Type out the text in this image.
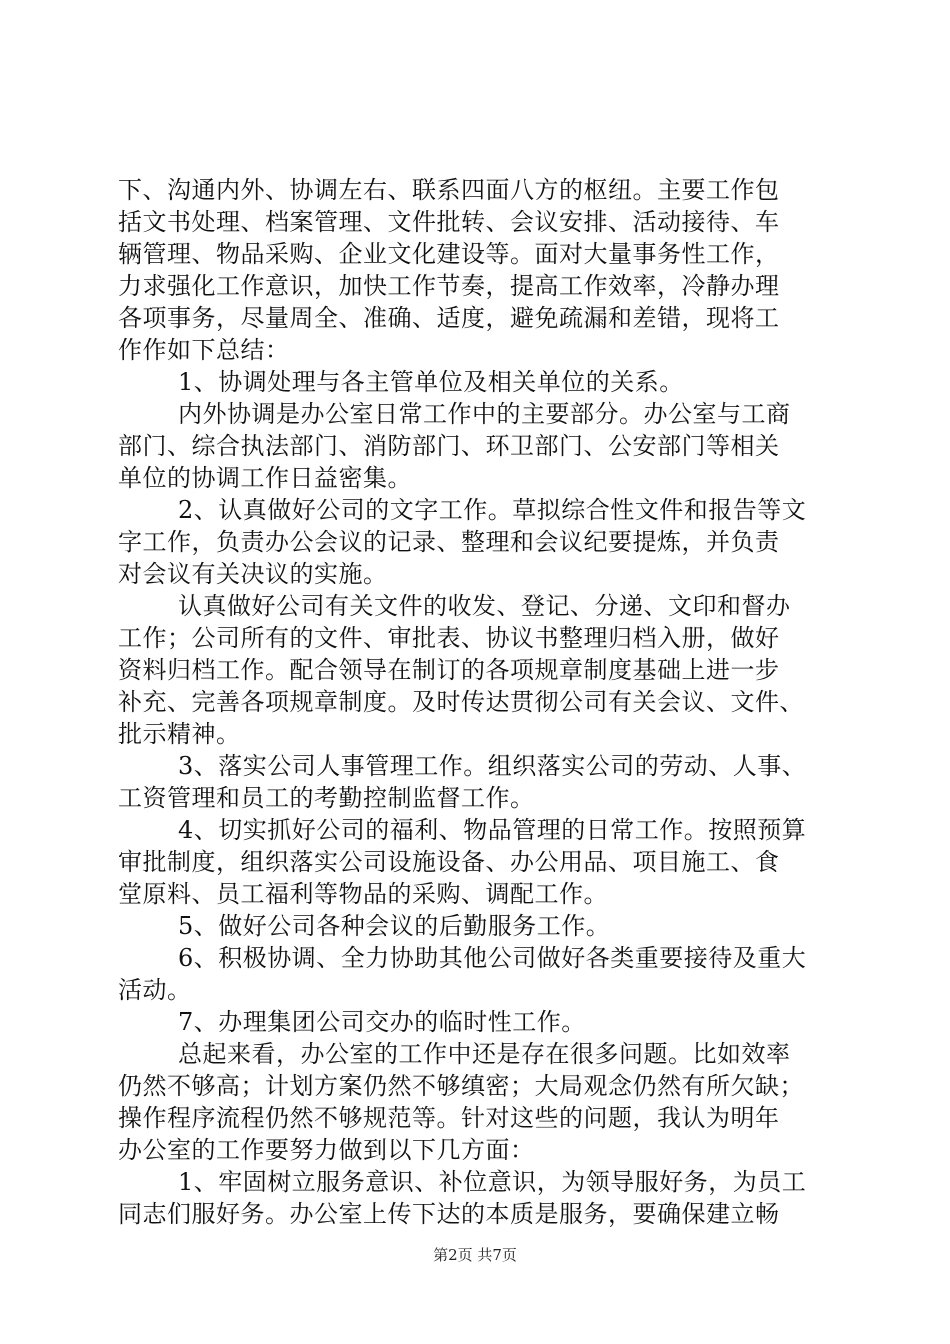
下、沟通内外、协调左右、联系四面八方的枢纽。主要工作包
括文书处理、档案管理、文件批转、会议安排、活动接待、车
辆管理、物品采购、企业文化建设等。面对大量事务性工作，
力求强化工作意识，加快工作节奏，提高工作效率，冷静办理
各项事务，尽量周全、准确、适度，避免疏漏和差错，现将工
作作如下总结：
1、协调处理与各主管单位及相关单位的关系。
内外协调是办公室日常工作中的主要部分。办公室与工商
部门、综合执法部门、消防部门、环卫部门、公安部门等相关
单位的协调工作日益密集。
2、认真做好公司的文字工作。草拟综合性文件和报告等文
字工作，负责办公会议的记录、整理和会议纪要提炼，并负责
对会议有关决议的实施。
认真做好公司有关文件的收发、登记、分递、文印和督办
工作；公司所有的文件、审批表、协议书整理归档入册，做好
资料归档工作。配合领导在制订的各项规章制度基础上进一步
补充、完善各项规章制度。及时传达贯彻公司有关会议、文件、
批示精神。
3、落实公司人事管理工作。组织落实公司的劳动、人事、
工资管理和员工的考勤控制监督工作。
4、切实抓好公司的福利、物品管理的日常工作。按照预算
审批制度，组织落实公司设施设备、办公用品、项目施工、食
堂原料、员工福利等物品的采购、调配工作。
5、做好公司各种会议的后勤服务工作。
6、积极协调、全力协助其他公司做好各类重要接待及重大
活动。
7、办理集团公司交办的临时性工作。
总起来看，办公室的工作中还是存在很多问题。比如效率
仍然不够高；计划方案仍然不够缜密；大局观念仍然有所欠缺；
操作程序流程仍然不够规范等。针对这些的问题，我认为明年
办公室的工作要努力做到以下几方面：
1、牢固树立服务意识、补位意识，为领导服好务，为员工
同志们服好务。办公室上传下达的本质是服务，要确保建立畅
第2页 共7页
